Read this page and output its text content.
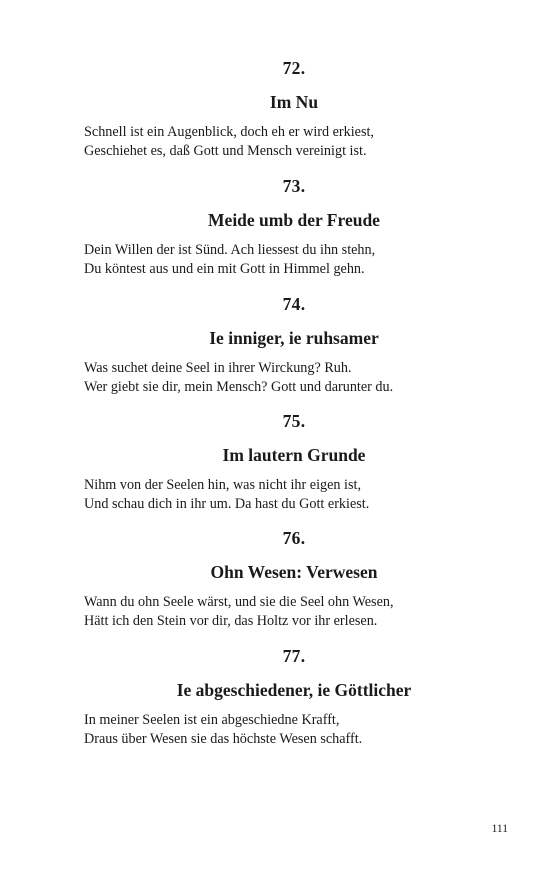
72.
Im Nu
Schnell ist ein Augenblick, doch eh er wird erkiest,
Geschiehet es, daß Gott und Mensch vereinigt ist.
73.
Meide umb der Freude
Dein Willen der ist Sünd. Ach liessest du ihn stehn,
Du köntest aus und ein mit Gott in Himmel gehn.
74.
Ie inniger, ie ruhsamer
Was suchet deine Seel in ihrer Wirckung? Ruh.
Wer giebt sie dir, mein Mensch? Gott und darunter du.
75.
Im lautern Grunde
Nihm von der Seelen hin, was nicht ihr eigen ist,
Und schau dich in ihr um. Da hast du Gott erkiest.
76.
Ohn Wesen: Verwesen
Wann du ohn Seele wärst, und sie die Seel ohn Wesen,
Hätt ich den Stein vor dir, das Holtz vor ihr erlesen.
77.
Ie abgeschiedener, ie Göttlicher
In meiner Seelen ist ein abgeschiedne Krafft,
Draus über Wesen sie das höchste Wesen schafft.
111
